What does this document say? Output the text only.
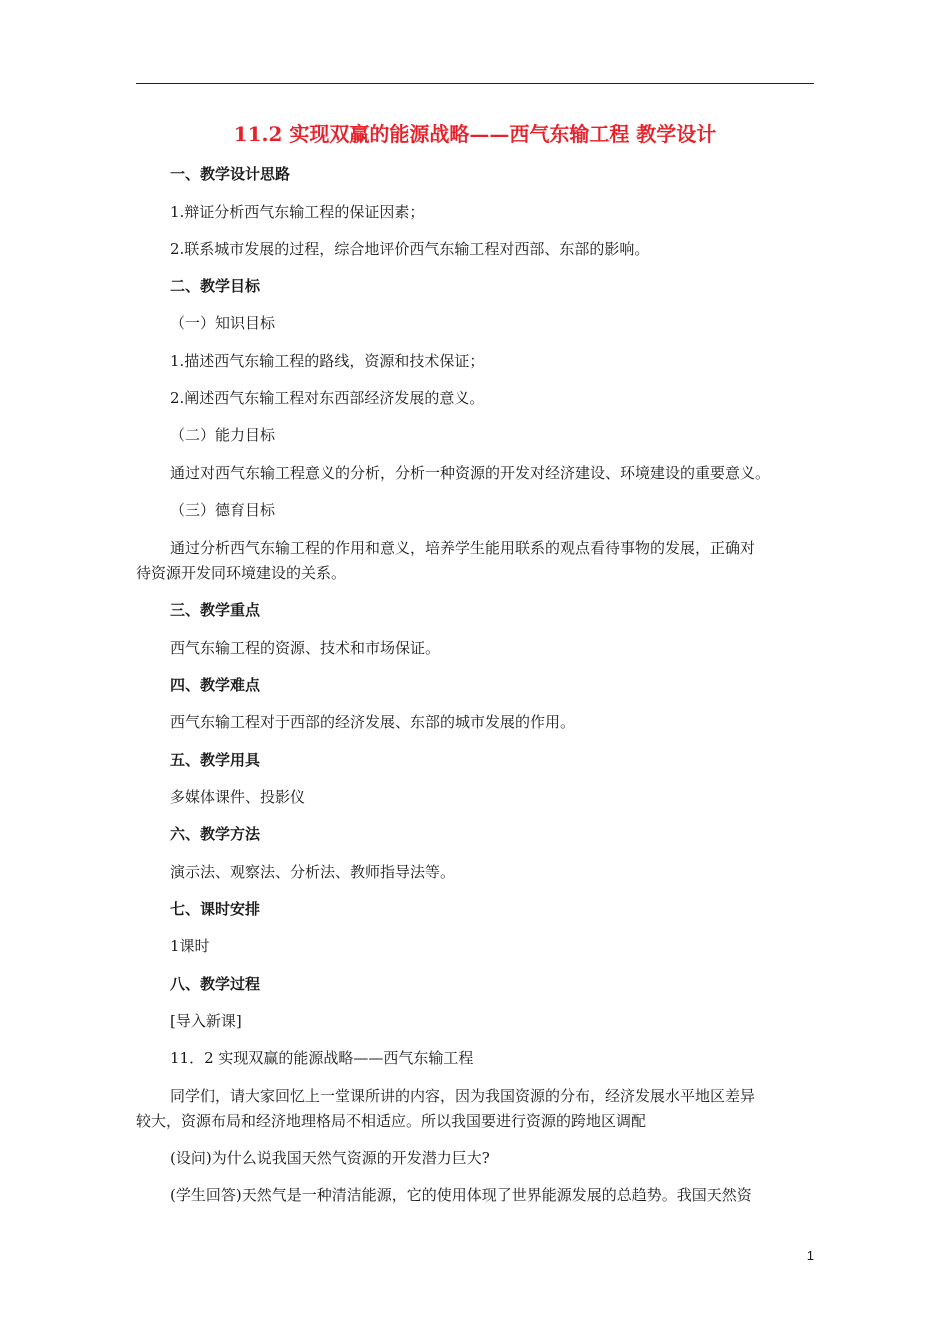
11.2 实现双赢的能源战略——西气东输工程 教学设计
一、教学设计思路
1.辩证分析西气东输工程的保证因素；
2.联系城市发展的过程，综合地评价西气东输工程对西部、东部的影响。
二、教学目标
（一）知识目标
1.描述西气东输工程的路线，资源和技术保证；
2.阐述西气东输工程对东西部经济发展的意义。
（二）能力目标
通过对西气东输工程意义的分析，分析一种资源的开发对经济建设、环境建设的重要意义。
（三）德育目标
通过分析西气东输工程的作用和意义，培养学生能用联系的观点看待事物的发展，正确对
待资源开发同环境建设的关系。
三、教学重点
西气东输工程的资源、技术和市场保证。
四、教学难点
西气东输工程对于西部的经济发展、东部的城市发展的作用。
五、教学用具
多媒体课件、投影仪
六、教学方法
演示法、观察法、分析法、教师指导法等。
七、课时安排
1课时
八、教学过程
[导入新课]
11．2 实现双赢的能源战略——西气东输工程
同学们，请大家回忆上一堂课所讲的内容，因为我国资源的分布，经济发展水平地区差异
较大，资源布局和经济地理格局不相适应。所以我国要进行资源的跨地区调配
(设问)为什么说我国天然气资源的开发潜力巨大?
(学生回答)天然气是一种清洁能源，它的使用体现了世界能源发展的总趋势。我国天然资
1
